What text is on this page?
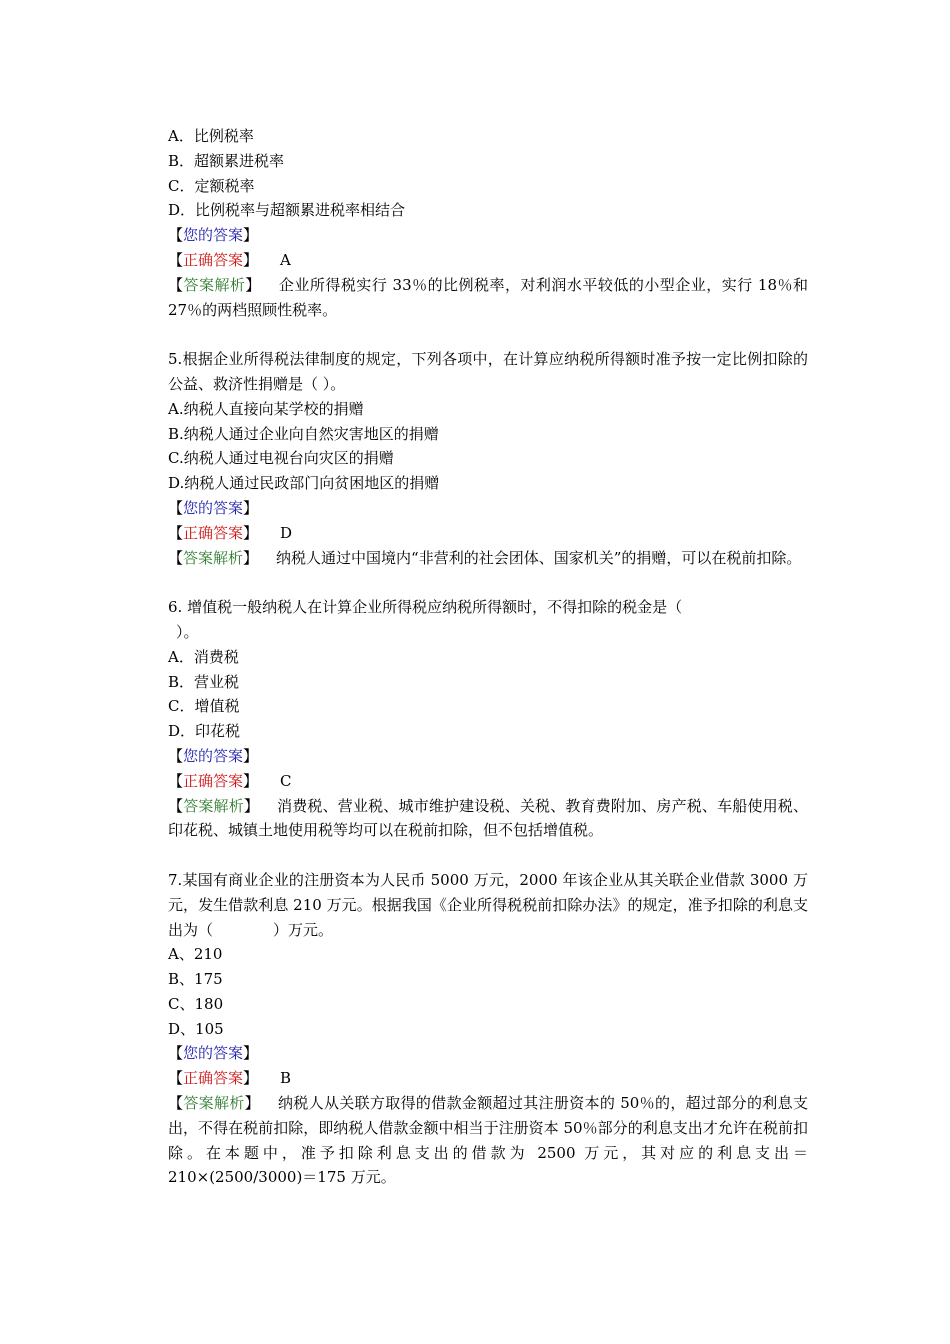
A．比例税率
B．超额累进税率
C．定额税率
D．比例税率与超额累进税率相结合
【您的答案】
【正确答案】 A
【答案解析】 企业所得税实行 33％的比例税率，对利润水平较低的小型企业，实行 18％和 27％的两档照顾性税率。
5.根据企业所得税法律制度的规定，下列各项中，在计算应纳税所得额时准予按一定比例扣除的公益、救济性捐赠是（ ）。
A.纳税人直接向某学校的捐赠
B.纳税人通过企业向自然灾害地区的捐赠
C.纳税人通过电视台向灾区的捐赠
D.纳税人通过民政部门向贫困地区的捐赠
【您的答案】
【正确答案】 D
【答案解析】 纳税人通过中国境内“非营利的社会团体、国家机关”的捐赠，可以在税前扣除。
6. 增值税一般纳税人在计算企业所得税应纳税所得额时，不得扣除的税金是（
）。
A．消费税
B．营业税
C．增值税
D．印花税
【您的答案】
【正确答案】 C
【答案解析】 消费税、营业税、城市维护建设税、关税、教育费附加、房产税、车船使用税、印花税、城镇土地使用税等均可以在税前扣除，但不包括增值税。
7.某国有商业企业的注册资本为人民币 5000 万元，2000 年该企业从其关联企业借款 3000 万元，发生借款利息 210 万元。根据我国《企业所得税税前扣除办法》的规定，准予扣除的利息支出为（　　　　）万元。
A、210
B、175
C、180
D、105
【您的答案】
【正确答案】 B
【答案解析】 纳税人从关联方取得的借款金额超过其注册资本的 50％的，超过部分的利息支出，不得在税前扣除，即纳税人借款金额中相当于注册资本 50％部分的利息支出才允许在税前扣除。在本题中，准予扣除利息支出的借款为 2500 万元，其对应的利息支出＝210×(2500/3000)＝175 万元。
